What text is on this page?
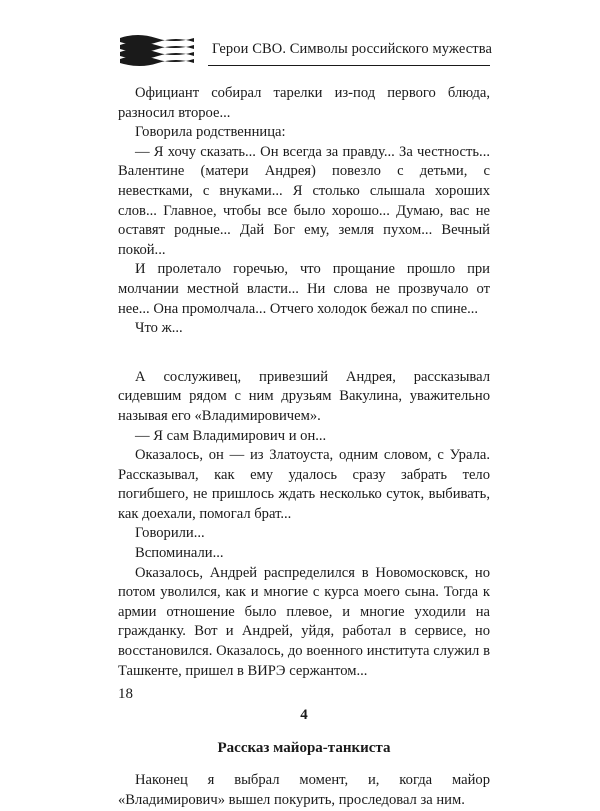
Герои СВО. Символы российского мужества

Официант собирал тарелки из-под первого блюда, разносил второе...

Говорила родственница:

— Я хочу сказать... Он всегда за правду... За честность... Валентине (матери Андрея) повезло с детьми, с невестками, с внуками... Я столько слышала хороших слов... Главное, чтобы все было хорошо... Думаю, вас не оставят родные... Дай Бог ему, земля пухом... Вечный покой...

И пролетало горечью, что прощание прошло при молчании местной власти... Ни слова не прозвучало от нее... Она промолчала... Отчего холодок бежал по спине...

Что ж...

А сослуживец, привезший Андрея, рассказывал сидевшим рядом с ним друзьям Вакулина, уважительно называя его «Владимировичем».

— Я сам Владимирович и он...

Оказалось, он — из Златоуста, одним словом, с Урала. Рассказывал, как ему удалось сразу забрать тело погибшего, не пришлось ждать несколько суток, выбивать, как доехали, помогал брат...

Говорили...

Вспоминали...

Оказалось, Андрей распределился в Новомосковск, но потом уволился, как и многие с курса моего сына. Тогда к армии отношение было плевое, и многие уходили на гражданку. Вот и Андрей, уйдя, работал в сервисе, но восстановился. Оказалось, до военного института служил в Ташкенте, пришел в ВИРЭ сержантом...

4

Рассказ майора-танкиста

Наконец я выбрал момент, и, когда майор «Владимирович» вышел покурить, проследовал за ним.

18
